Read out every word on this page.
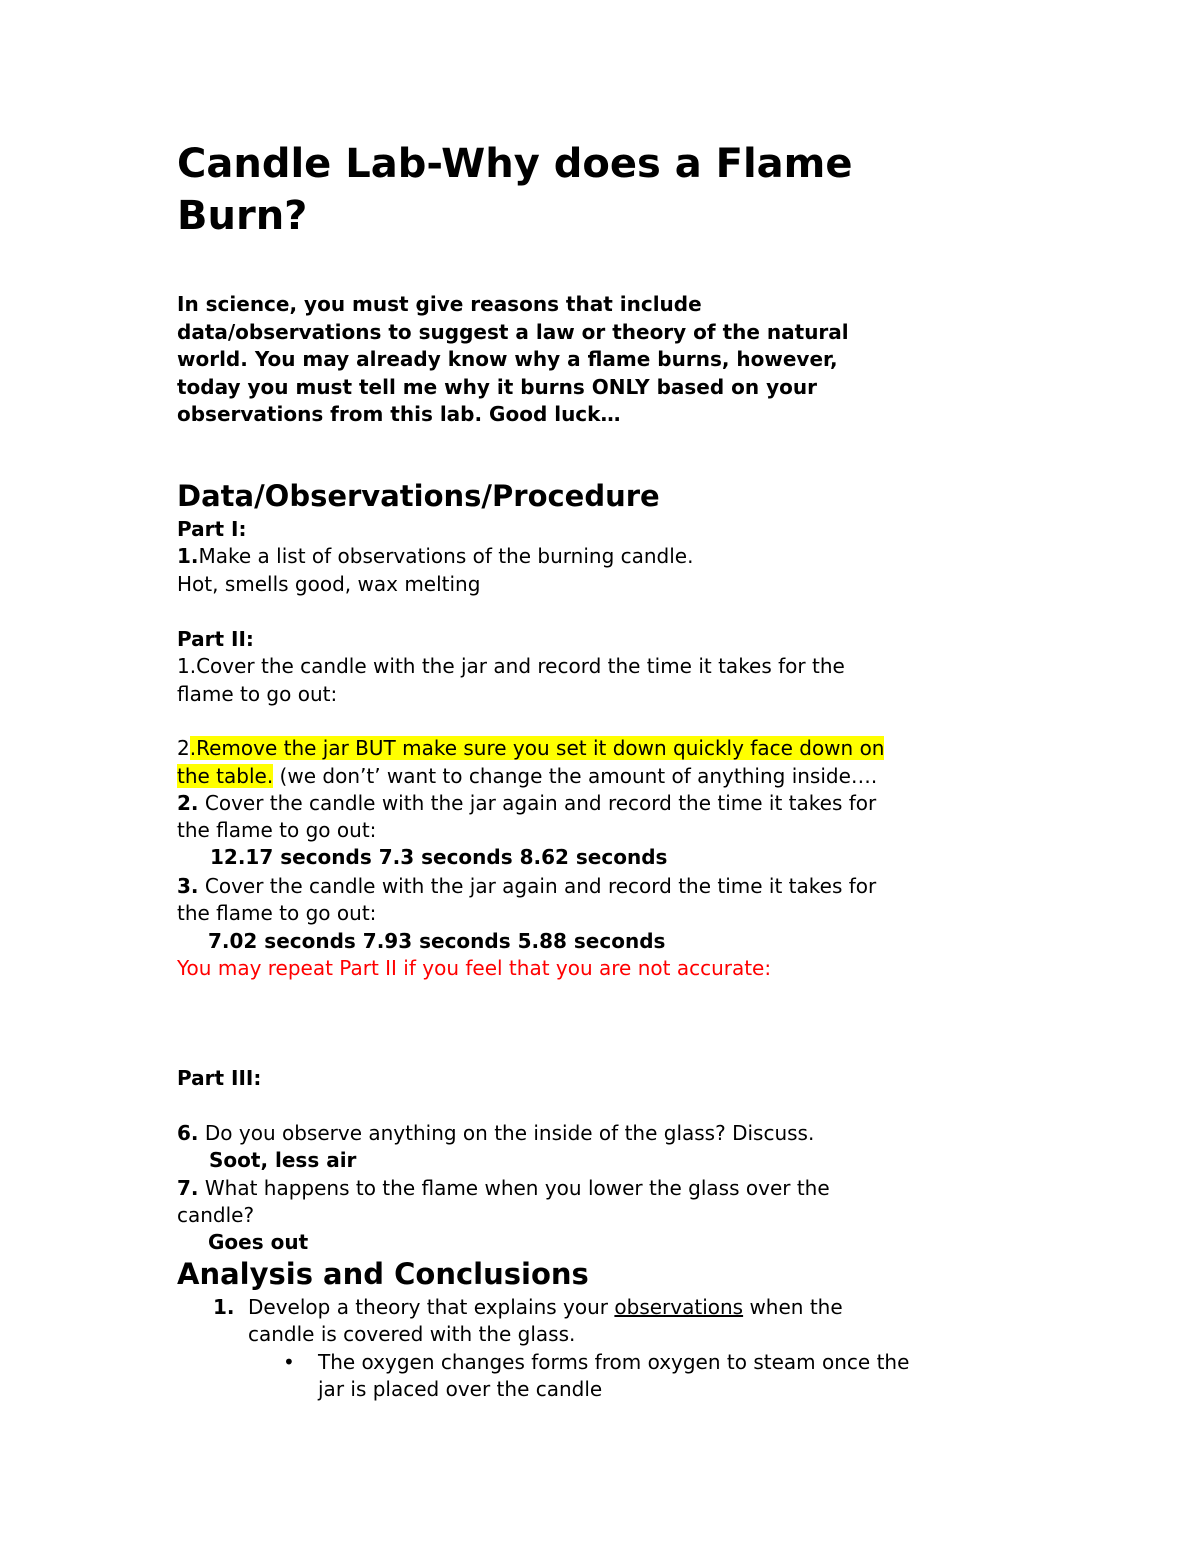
Candle Lab-Why does a Flame
Burn?
In science, you must give reasons that include
data/observations to suggest a law or theory of the natural
world. You may already know why a flame burns, however,
today you must tell me why it burns ONLY based on your
observations from this lab. Good luck…
Data/Observations/Procedure
Part I:
1.Make a list of observations of the burning candle.
Hot, smells good, wax melting
Part II:
1.Cover the candle with the jar and record the time it takes for the
flame to go out:
2.Remove the jar BUT make sure you set it down quickly face down on
the table. (we don’t’ want to change the amount of anything inside….
2. Cover the candle with the jar again and record the time it takes for
the flame to go out:
12.17 seconds 7.3 seconds 8.62 seconds
3. Cover the candle with the jar again and record the time it takes for
the flame to go out:
7.02 seconds 7.93 seconds 5.88 seconds
You may repeat Part II if you feel that you are not accurate:
Part III:
6. Do you observe anything on the inside of the glass? Discuss.
Soot, less air
7. What happens to the flame when you lower the glass over the
candle?
Goes out
Analysis and Conclusions
1. Develop a theory that explains your observations when the
candle is covered with the glass.
• The oxygen changes forms from oxygen to steam once the
jar is placed over the candle
